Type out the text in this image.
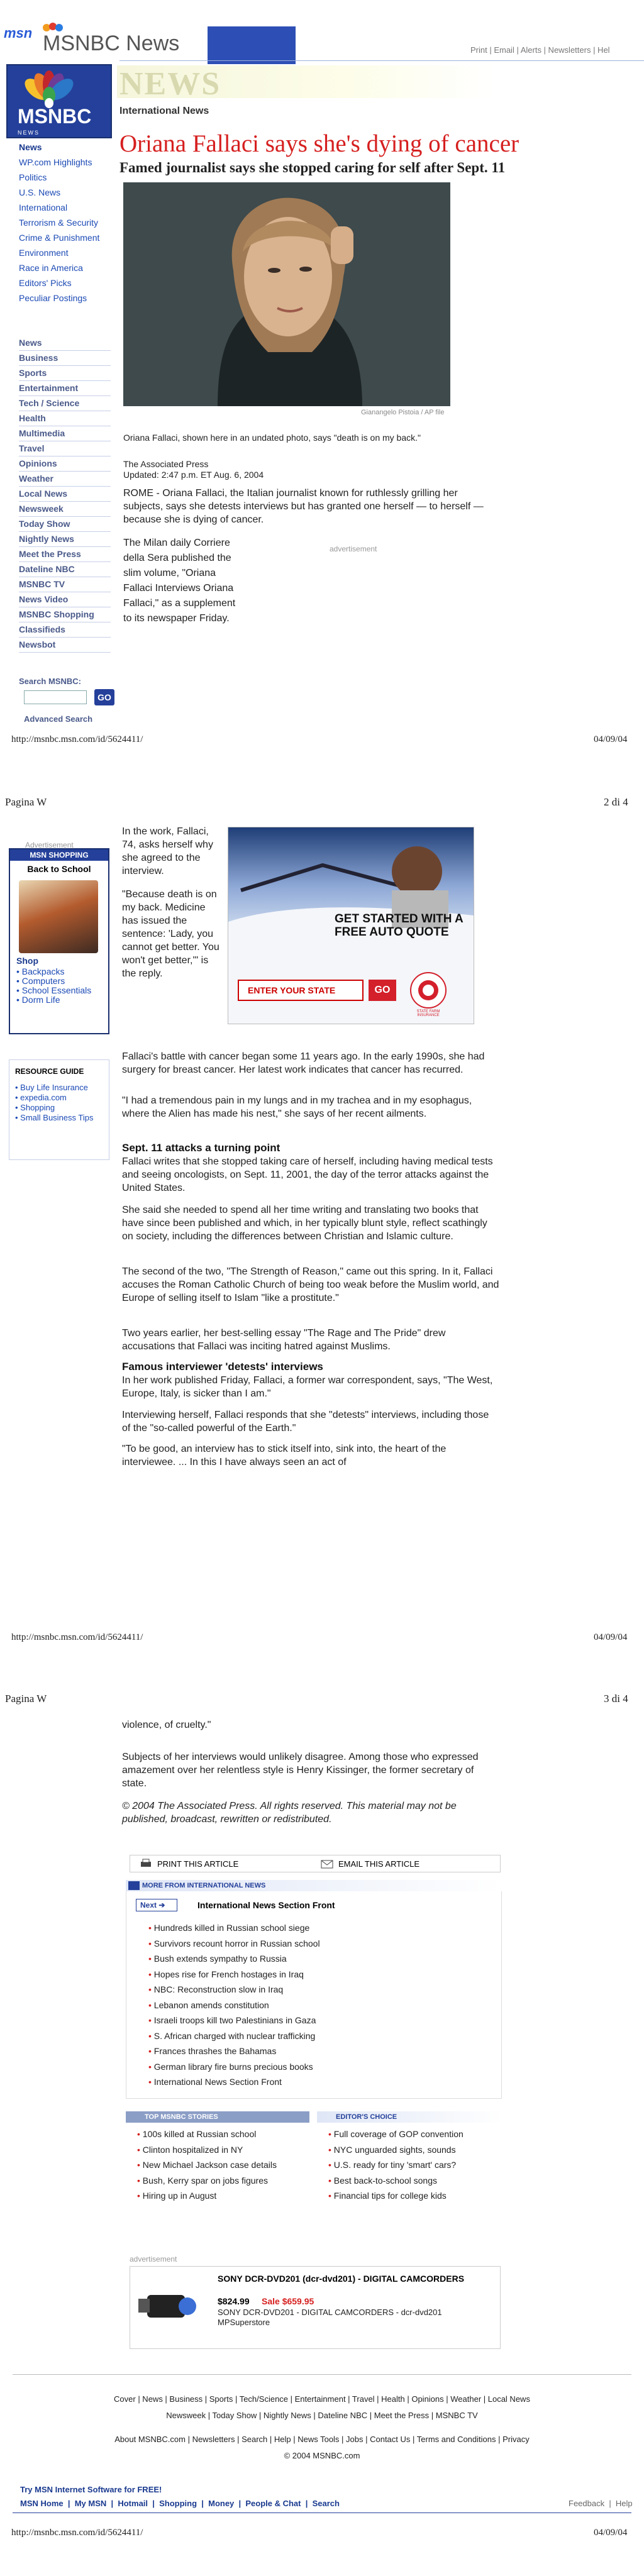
msn MSNBC News	Print | Email | Alerts | Newsletters | Hel
NEWS
MSNBC
NEWS
News
WP.com Highlights
Politics
U.S. News
International
Terrorism & Security
Crime & Punishment
Environment
Race in America
Editors' Picks
Peculiar Postings
News
Business
Sports
Entertainment
Tech / Science
Health
Multimedia
Travel
Opinions
Weather
Local News
Newsweek
Today Show
Nightly News
Meet the Press
Dateline NBC
MSNBC TV
News Video
MSNBC Shopping
Classifieds
Newsbot
Search MSNBC:
GO
Advanced Search
International News
Oriana Fallaci says she's dying of cancer
Famed journalist says she stopped caring for self after Sept. 11
Gianangelo Pistoia / AP file
Oriana Fallaci, shown here in an undated photo, says "death is on my back."
The Associated Press
Updated: 2:47 p.m. ET Aug. 6, 2004
ROME - Oriana Fallaci, the Italian journalist known for ruthlessly grilling her subjects, says she detests interviews but has granted one herself — to herself — because she is dying of cancer.
The Milan daily Corriere della Sera published the slim volume, "Oriana Fallaci Interviews Oriana Fallaci," as a supplement to its newspaper Friday.
advertisement
http://msnbc.msn.com/id/5624411/	04/09/04
Pagina W	2 di 4
In the work, Fallaci, 74, asks herself why she agreed to the interview.
"Because death is on my back. Medicine has issued the sentence: 'Lady, you cannot get better. You won't get better,'" is the reply.
Advertisement
MSN SHOPPING
Back to School
Shop
• Backpacks
• Computers
• School Essentials
• Dorm Life
RESOURCE GUIDE
• Buy Life Insurance
• expedia.com
• Shopping
• Small Business Tips
GET STARTED WITH A FREE AUTO QUOTE
ENTER YOUR STATE	GO
STATE FARM INSURANCE
Fallaci's battle with cancer began some 11 years ago. In the early 1990s, she had surgery for breast cancer. Her latest work indicates that cancer has recurred.
"I had a tremendous pain in my lungs and in my trachea and in my esophagus, where the Alien has made his nest," she says of her recent ailments.
Sept. 11 attacks a turning point
Fallaci writes that she stopped taking care of herself, including having medical tests and seeing oncologists, on Sept. 11, 2001, the day of the terror attacks against the United States.
She said she needed to spend all her time writing and translating two books that have since been published and which, in her typically blunt style, reflect scathingly on society, including the differences between Christian and Islamic culture.
The second of the two, "The Strength of Reason," came out this spring. In it, Fallaci accuses the Roman Catholic Church of being too weak before the Muslim world, and Europe of selling itself to Islam "like a prostitute."
Two years earlier, her best-selling essay "The Rage and The Pride" drew accusations that Fallaci was inciting hatred against Muslims.
Famous interviewer 'detests' interviews
In her work published Friday, Fallaci, a former war correspondent, says, "The West, Europe, Italy, is sicker than I am."
Interviewing herself, Fallaci responds that she "detests" interviews, including those of the "so-called powerful of the Earth."
"To be good, an interview has to stick itself into, sink into, the heart of the interviewee. ... In this I have always seen an act of
http://msnbc.msn.com/id/5624411/	04/09/04
Pagina W	3 di 4
violence, of cruelty."
Subjects of her interviews would unlikely disagree. Among those who expressed amazement over her relentless style is Henry Kissinger, the former secretary of state.
© 2004 The Associated Press. All rights reserved. This material may not be published, broadcast, rewritten or redistributed.
PRINT THIS ARTICLE	EMAIL THIS ARTICLE
MORE FROM INTERNATIONAL NEWS
Next ➔	International News Section Front
• Hundreds killed in Russian school siege
• Survivors recount horror in Russian school
• Bush extends sympathy to Russia
• Hopes rise for French hostages in Iraq
• NBC: Reconstruction slow in Iraq
• Lebanon amends constitution
• Israeli troops kill two Palestinians in Gaza
• S. African charged with nuclear trafficking
• Frances thrashes the Bahamas
• German library fire burns precious books
• International News Section Front
TOP MSNBC STORIES
• 100s killed at Russian school
• Clinton hospitalized in NY
• New Michael Jackson case details
• Bush, Kerry spar on jobs figures
• Hiring up in August
EDITOR'S CHOICE
• Full coverage of GOP convention
• NYC unguarded sights, sounds
• U.S. ready for tiny 'smart' cars?
• Best back-to-school songs
• Financial tips for college kids
advertisement
SONY DCR-DVD201 (dcr-dvd201) - DIGITAL CAMCORDERS
$824.99 Sale $659.95
SONY DCR-DVD201 - DIGITAL CAMCORDERS - dcr-dvd201
MPSuperstore
Cover | News | Business | Sports | Tech/Science | Entertainment | Travel | Health | Opinions | Weather | Local News
Newsweek | Today Show | Nightly News | Dateline NBC | Meet the Press | MSNBC TV
About MSNBC.com | Newsletters | Search | Help | News Tools | Jobs | Contact Us | Terms and Conditions | Privacy
© 2004 MSNBC.com
Try MSN Internet Software for FREE!
MSN Home  |  My MSN  |  Hotmail  |  Shopping  |  Money  |  People & Chat  |  Search	Feedback  |  Help
http://msnbc.msn.com/id/5624411/	04/09/04
